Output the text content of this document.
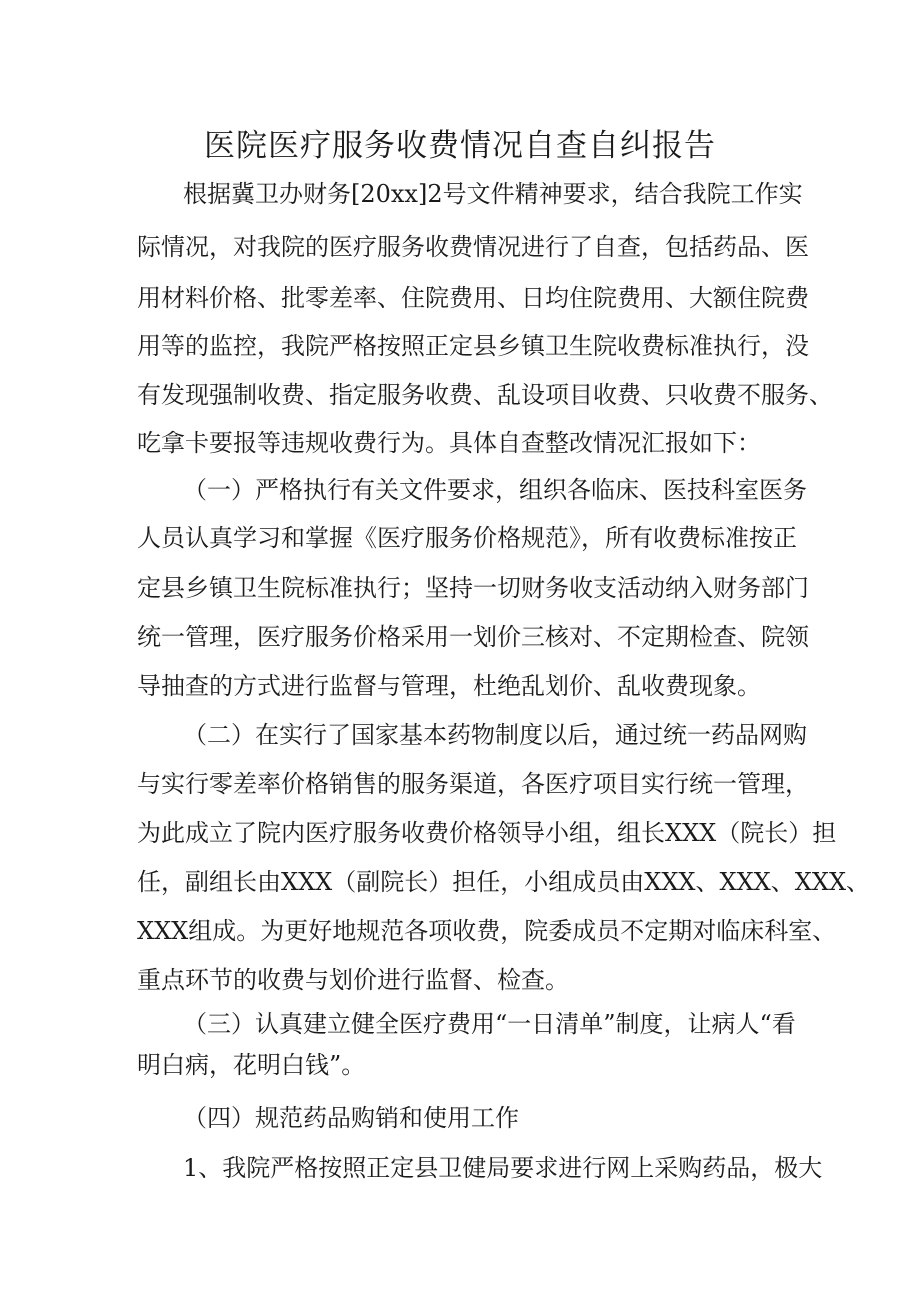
医院医疗服务收费情况自查自纠报告
根据冀卫办财务[20xx]2号文件精神要求，结合我院工作实
际情况，对我院的医疗服务收费情况进行了自查，包括药品、医
用材料价格、批零差率、住院费用、日均住院费用、大额住院费
用等的监控，我院严格按照正定县乡镇卫生院收费标准执行，没
有发现强制收费、指定服务收费、乱设项目收费、只收费不服务、
吃拿卡要报等违规收费行为。具体自查整改情况汇报如下：
（一）严格执行有关文件要求，组织各临床、医技科室医务
人员认真学习和掌握《医疗服务价格规范》，所有收费标准按正
定县乡镇卫生院标准执行；坚持一切财务收支活动纳入财务部门
统一管理，医疗服务价格采用一划价三核对、不定期检查、院领
导抽查的方式进行监督与管理，杜绝乱划价、乱收费现象。
（二）在实行了国家基本药物制度以后，通过统一药品网购
与实行零差率价格销售的服务渠道，各医疗项目实行统一管理，
为此成立了院内医疗服务收费价格领导小组，组长XXX（院长）担
任，副组长由XXX（副院长）担任，小组成员由XXX、XXX、XXX、
XXX组成。为更好地规范各项收费，院委成员不定期对临床科室、
重点环节的收费与划价进行监督、检查。
（三）认真建立健全医疗费用“一日清单”制度，让病人“看
明白病，花明白钱”。
（四）规范药品购销和使用工作
1、我院严格按照正定县卫健局要求进行网上采购药品，极大
